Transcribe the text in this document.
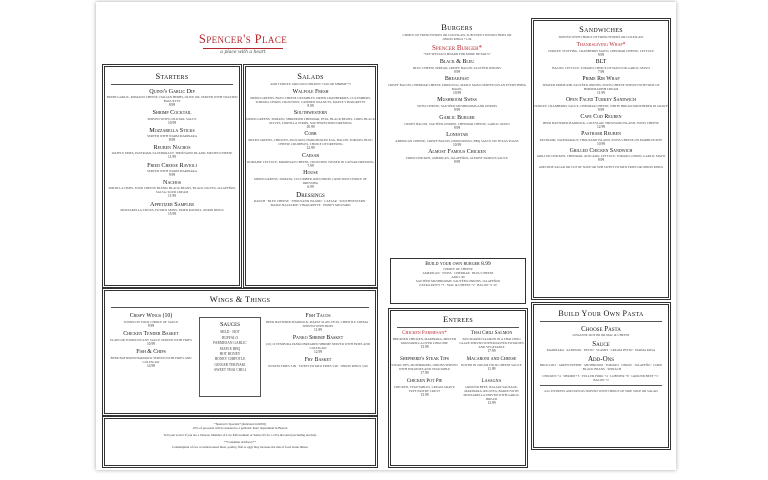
Spencer's Place
a place with a heart
Starters
Quinn's Garlic Dip
FRESH GARLIC, ROMANO CHEESE, ITALIAN HERBS, OLIVE OIL SERVED WITH TOASTED BAGUETTE
8.99
Shrimp Cocktail
SERVED WITH COCKTAIL SAUCE
10.99
Mozzarella Sticks
SERVED WITH WARM MARINARA
8.99
Reuben Nachos
WAFFLE FRIES, PASTRAMI, SAUERKRAUT, THOUSAND ISLAND, MELTED CHEESE
11.99
Fried Cheese Ravioli
SERVED WITH WARM MARINARA
9.99
Nachos
TORTILLA CHIPS, FOUR CHEESE BLEND, BLACK BEANS, BLACK OLIVES, JALAPEÑOS, SALSA, SOUR CREAM
11.99
Appetizer Sampler
MOZZARELLA STICKS, POTATO SKINS, FRIED RAVIOLI, ONION RINGS
15.99
Salads
ADD TURKEY, GRILLED CHICKEN +4.99 OR SHRIMP +5
Walpole Fresh
MIXED GREENS, BLEU CHEESE CRUMBLES, DRIED CRANBERRIES, CUCUMBERS, TOMATO, ONION, CROUTONS, CANDIED WALNUTS, MAPLE VINAIGRETTE
9.99
Southwestern
MIXED GREENS, TOMATO, SHREDDED CHEDDAR, FETA, BLACK BEANS, CORN, BLACK OLIVES, TORTILLA STRIPS, SOUTHWESTERN DRESSING
10.99
Cobb
MIXED GREENS, CHICKEN, AVOCADO, HARD BOILED EGG, BACON, TOMATO, BLEU CHEESE CRUMBLES, CHOICE OF DRESSING
12.99
Caesar
ROMAINE LETTUCE, PARMESAN CHEESE, CROUTONS TOSSED IN CAESAR DRESSING
7.99
House
MIXED GREENS, TOMATO, CUCUMBER, RED ONION, CROUTONS CHOICE OF DRESSING
6.99
Dressings
RANCH · BLEU CHEESE · THOUSAND ISLAND · CAESAR · SOUTHWESTERN · MAPLE BALSAMIC VINAIGRETTE · HONEY MUSTARD
Wings & Things
Crispy Wings (10)
TOSSED IN YOUR CHOICE OF SAUCE
9.99
Chicken Tender Basket
PLAIN OR TOSSED IN ANY SAUCE SERVED WITH FRIES
10.99
Fish & Chips
BEER BATTERED HADDOCK SERVED WITH FRIES AND COLESLAW
14.99
Sauces
MILD · HOT
BUFFALO
PARMESAN GARLIC
MAPLE BBQ
HOT HONEY
HONEY CHIPOTLE
GINGER TERIYAKI
SWEET THAI CHILI
Fish Tacos
BEER BATTERED HADDOCK, MAPLE SLAW, FETA, CHIPOTLE CREMA · SERVED WITH FRIES
11.99
Panko Shrimp Basket
(10) 10 TEMPURA PANKO BREADED SHRIMP SERVED WITH FRIES AND COLESLAW
12.99
Fry Basket
POTATO FRIES 3.99 · SWEET POTATO FRIES 5.99 · ONION RINGS 5.99
*Spencer's Specials* (indicated in RED)
10% of proceeds will be donated to a pediatric heart department in Boston
Tell your server if you are a Veteran, Member of Law Enforcement or Senior 65 for a 10% discount (excluding alcohol)
**Consumer Advisory**
Consumption of raw or undercooked meat, poultry, fish or eggs may increase the risk of food borne illness
Burgers
CHOICE OF FRENCH FRIES OR COLESLAW, SUB SWEET POTATO FRIES OR ONION RINGS +1.99
Spencer Burger*
*SEE SPECIALS BOARD FOR MORE DETAILS*
Black & Bleu
BLEU CHEESE SPREAD, CRISPY BACON, SAUTÉED ONIONS
9.99
Breakfast
CRISPY BACON, CHEDDAR CHEESE, FRIED EGG, MAPLE MAYO SERVED ON AN EVERYTHING BAGEL
10.99
Mushroom Swiss
SWISS CHEESE, SAUTÉED MUSHROOMS AND ONIONS
9.99
Garlic Burger
CRISPY BACON, SAUTÉED ONIONS, CHEDDAR CHEESE, GARLIC MAYO
9.99
Lonestar
AMERICAN CHEESE, CRISPY BACON, ONION RINGS, BBQ SAUCE ON TEXAS TOAST
10.99
Almost Famous Chicken
FRIED CHICKEN, AMERICAN, JALAPEÑOS, ALMOST FAMOUS SAUCE
9.99
Build your own burger 8.99
CHOICE OF CHEESE
AMERICAN · SWISS · CHEDDAR · BLEU CHEESE
ADD 1.99
SAUTÉED MUSHROOMS, SAUTÉED ONIONS, JALAPEÑOS
EXTRA PATTY +3 · MAC & CHEESE +2 · BACON +1.50
Entrees
Chicken Parmesan*
BREADED CHICKEN, MARINARA, MELTED MOZZARELLA OVER LINGUINE
13.99
Thai Chili Salmon
PAN SEARED SALMON IN A THAI CHILI GLAZE SERVED WITH ROASTED POTATOES AND VEGETABLE
17.99
Shepherd's Steak Tips
STEAK TIPS, MUSHROOMS, ONIONS SERVED WITH POTATOES AND VEGETABLE
17.99
Macaroni and Cheese
ROTINI IN CREAM FOUR CHEESE SAUCE
11.99
Chicken Pot Pie
CHICKEN, VEGETABLES, CREAM GRAVY, PUFF PASTRY CRUST
13.99
Lasagna
GROUND BEEF, ITALIAN SAUSAGE, MARINARA, RICOTTA, BAKED WITH MOZZARELLA SERVED WITH GARLIC BREAD
13.99
Sandwiches
SERVED WITH CHOICE OF FRENCH FRIES OR COLESLAW
Thanksgiving Wrap*
TURKEY, STUFFING, CRANBERRY MAYO, CHEDDAR CHEESE, LETTUCE
9.99
BLT
BACON, LETTUCE, TOMATO CHOICE OF MAYO OR GARLIC MAYO
7.99
Prime Rib Wrap
SHAVED PRIME RIB, SAUTÉED ONIONS, SWISS CHEESE SERVED WITH SIDE OF HORSERADISH CREAM
11.99
Open Faced Turkey Sandwich
TURKEY, CRANBERRY SAUCE, CHEDDAR CHEESE, WHITE BREAD SMOTHERED IN GRAVY
9.99
Cape Cod Reuben
BEER BATTERED HADDOCK, COLESLAW, THOUSAND ISLAND, SWISS CHEESE
12.99
Pastrami Reuben
PASTRAMI, SAUERKRAUT, THOUSAND ISLAND, SWISS CHEESE ON MARBLED RYE
10.99
Grilled Chicken Sandwich
GRILLED CHICKEN, CHEDDAR, AVOCADO, LETTUCE, TOMATO, ONION, GARLIC MAYO
9.99
ADD SIDE SALAD OR CUP OF SOUP OR SUB SWEET POTATO FRIES OR ONION RINGS
Build Your Own Pasta
Choose Pasta
LINGUINE, ROTINI OR MAC & CHEESE
Sauce
MARINARA · ALFREDO · PESTO · SCAMPI · CREAM PESTO · PARMA ROSA
Add-Ons
BROCCOLI · GREEN PEPPER · MUSHROOM · TOMATO · ONION · JALAPEÑO · CORN · BLACK BEANS · SPINACH
CHICKEN +4 · SHRIMP +5 · PULLED PORK +4 · LOBSTER +8 · GROUND BEEF +3 · BACON +2
ALL ENTREES AND PASTAS SERVED WITH CHOICE OF SIDE SOUP OR SALAD
